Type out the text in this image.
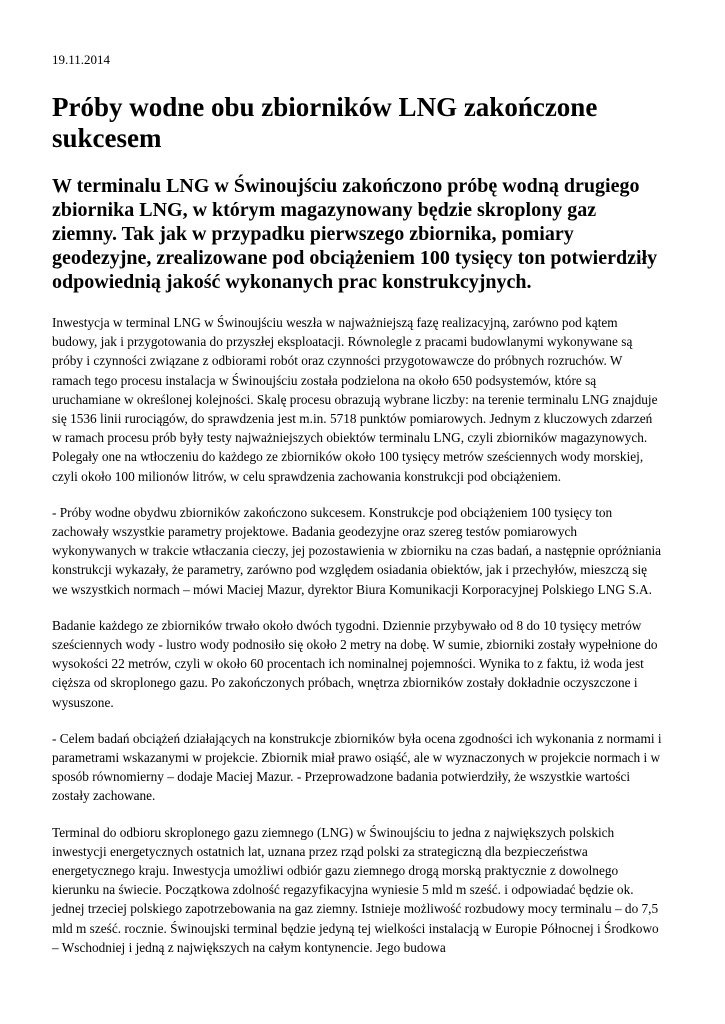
19.11.2014

Próby wodne obu zbiorników LNG zakończone sukcesem
W terminalu LNG w Świnoujściu zakończono próbę wodną drugiego zbiornika LNG, w którym magazynowany będzie skroplony gaz ziemny. Tak jak w przypadku pierwszego zbiornika, pomiary geodezyjne, zrealizowane pod obciążeniem 100 tysięcy ton potwierdziły odpowiednią jakość wykonanych prac konstrukcyjnych.

Inwestycja w terminal LNG w Świnoujściu weszła w najważniejszą fazę realizacyjną, zarówno pod kątem budowy, jak i przygotowania do przyszłej eksploatacji. Równolegle z pracami budowlanymi wykonywane są próby i czynności związane z odbiorami robót oraz czynności przygotowawcze do próbnych rozruchów. W ramach tego procesu instalacja w Świnoujściu została podzielona na około 650 podsystemów, które są uruchamiane w określonej kolejności. Skalę procesu obrazują wybrane liczby: na terenie terminalu LNG znajduje się 1536 linii rurociągów, do sprawdzenia jest m.in. 5718 punktów pomiarowych. Jednym z kluczowych zdarzeń w ramach procesu prób były testy najważniejszych obiektów terminalu LNG, czyli zbiorników magazynowych. Polegały one na wtłoczeniu do każdego ze zbiorników około 100 tysięcy metrów sześciennych wody morskiej, czyli około 100 milionów litrów, w celu sprawdzenia zachowania konstrukcji pod obciążeniem.

- Próby wodne obydwu zbiorników zakończono sukcesem. Konstrukcje pod obciążeniem 100 tysięcy ton zachowały wszystkie parametry projektowe. Badania geodezyjne oraz szereg testów pomiarowych wykonywanych w trakcie wtłaczania cieczy, jej pozostawienia w zbiorniku na czas badań, a następnie opróżniania konstrukcji wykazały, że parametry, zarówno pod względem osiadania obiektów, jak i przechyłów, mieszczą się we wszystkich normach – mówi Maciej Mazur, dyrektor Biura Komunikacji Korporacyjnej Polskiego LNG S.A.

Badanie każdego ze zbiorników trwało około dwóch tygodni. Dziennie przybywało od 8 do 10 tysięcy metrów sześciennych wody - lustro wody podnosiło się około 2 metry na dobę. W sumie, zbiorniki zostały wypełnione do wysokości 22 metrów, czyli w około 60 procentach ich nominalnej pojemności. Wynika to z faktu, iż woda jest cięższa od skroplonego gazu. Po zakończonych próbach, wnętrza zbiorników zostały dokładnie oczyszczone i wysuszone.

- Celem badań obciążeń działających na konstrukcje zbiorników była ocena zgodności ich wykonania z normami i parametrami wskazanymi w projekcie. Zbiornik miał prawo osiąść, ale w wyznaczonych w projekcie normach i w sposób równomierny – dodaje Maciej Mazur. - Przeprowadzone badania potwierdziły, że wszystkie wartości zostały zachowane.

Terminal do odbioru skroplonego gazu ziemnego (LNG) w Świnoujściu to jedna z największych polskich inwestycji energetycznych ostatnich lat, uznana przez rząd polski za strategiczną dla bezpieczeństwa energetycznego kraju. Inwestycja umożliwi odbiór gazu ziemnego drogą morską praktycznie z dowolnego kierunku na świecie. Początkowa zdolność regazyfikacyjna wyniesie 5 mld m sześć. i odpowiadać będzie ok. jednej trzeciej polskiego zapotrzebowania na gaz ziemny. Istnieje możliwość rozbudowy mocy terminalu – do 7,5 mld m sześć. rocznie. Świnoujski terminal będzie jedyną tej wielkości instalacją w Europie Północnej i Środkowo – Wschodniej i jedną z największych na całym kontynencie. Jego budowa
